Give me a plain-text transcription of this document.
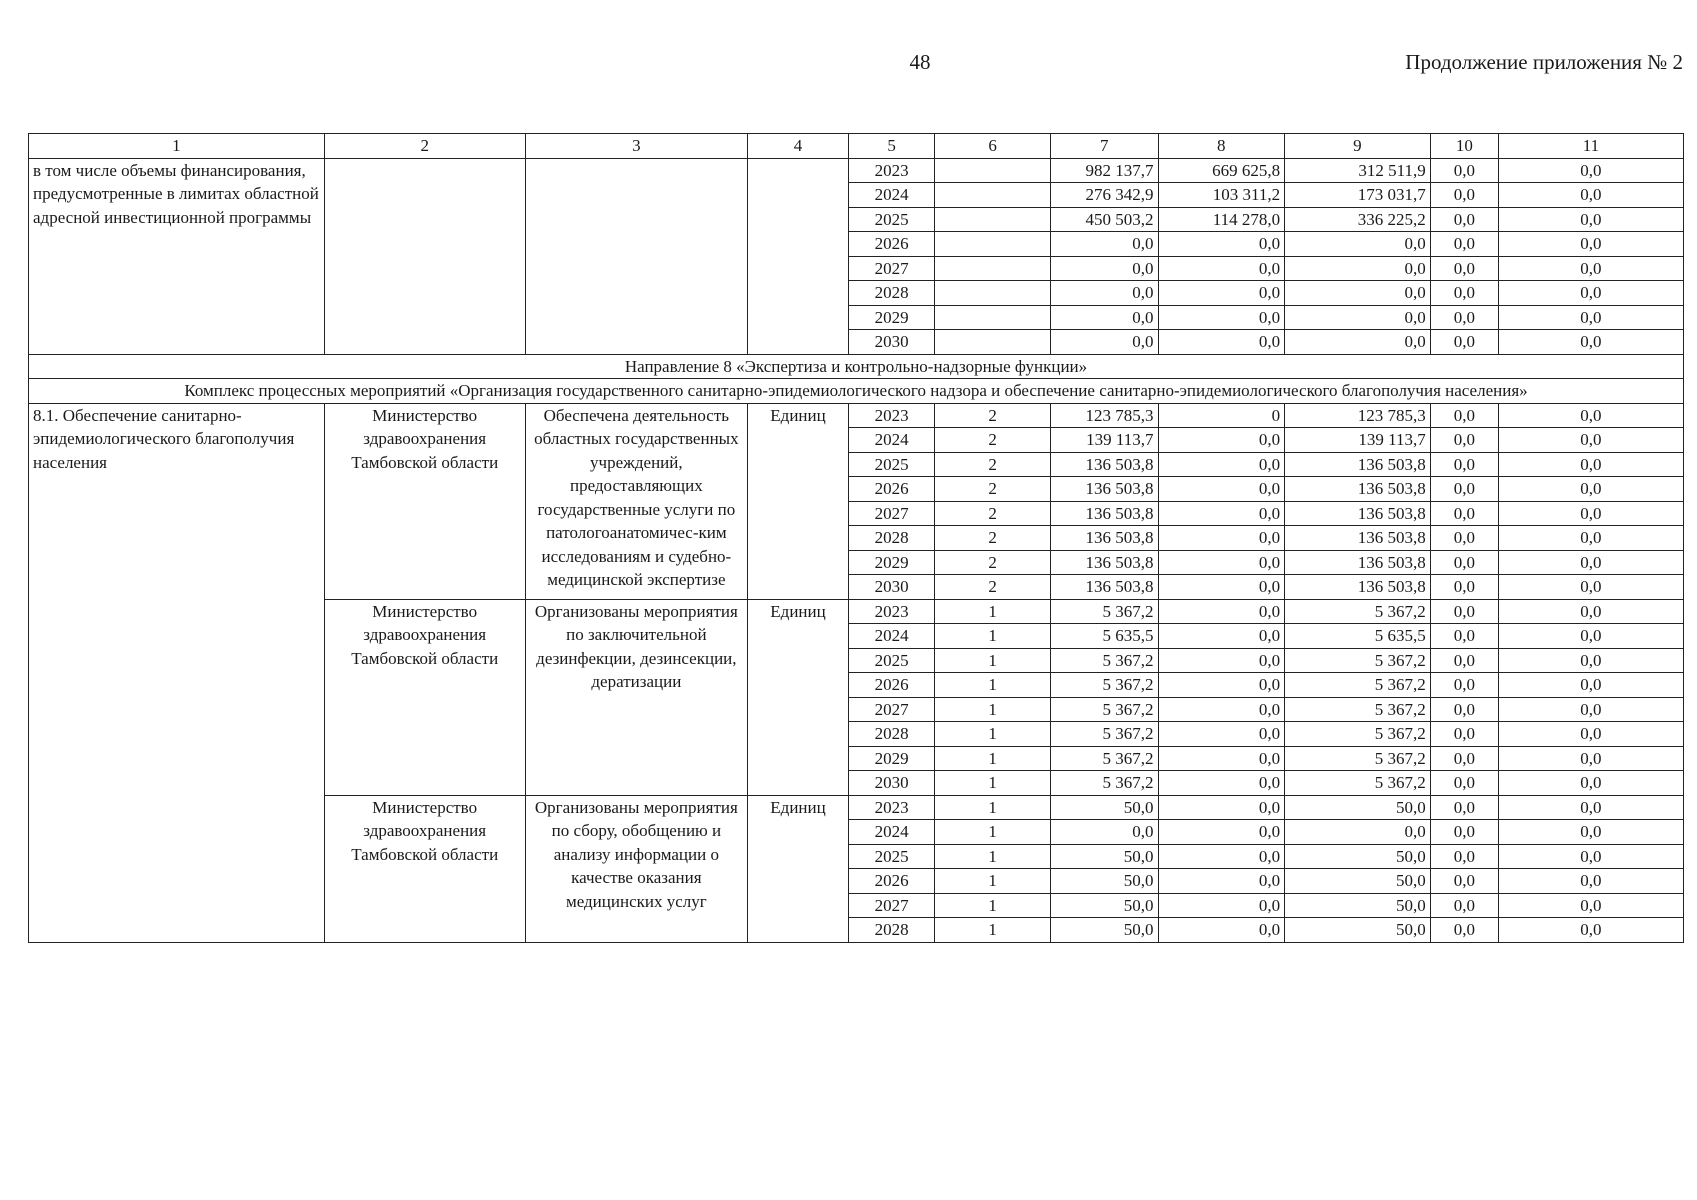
48	Продолжение приложения № 2
1	2	3	4	5	6	7	8	9	10	11
в том числе объемы финансирования, предусмотренные в лимитах областной адресной инвестиционной программы				2023		982 137,7	669 625,8	312 511,9	0,0	0,0
				2024		276 342,9	103 311,2	173 031,7	0,0	0,0
				2025		450 503,2	114 278,0	336 225,2	0,0	0,0
				2026		0,0	0,0	0,0	0,0	0,0
				2027		0,0	0,0	0,0	0,0	0,0
				2028		0,0	0,0	0,0	0,0	0,0
				2029		0,0	0,0	0,0	0,0	0,0
				2030		0,0	0,0	0,0	0,0	0,0
Направление 8 «Экспертиза и контрольно-надзорные функции»										
Комплекс процессных мероприятий «Организация государственного санитарно-эпидемиологического надзора и обеспечение санитарно-эпидемиологического благополучия населения»										
8.1. Обеспечение санитарно-эпидемиологического благополучия населения	Министерство здравоохранения Тамбовской области	Обеспечена деятельность областных государственных учреждений, предоставляющих государственные услуги по патологоанатомичес-ким исследованиям и судебно-медицинской экспертизе	Единиц	2023	2	123 785,3	0	123 785,3	0,0	0,0
				2024	2	139 113,7	0,0	139 113,7	0,0	0,0
				2025	2	136 503,8	0,0	136 503,8	0,0	0,0
				2026	2	136 503,8	0,0	136 503,8	0,0	0,0
				2027	2	136 503,8	0,0	136 503,8	0,0	0,0
				2028	2	136 503,8	0,0	136 503,8	0,0	0,0
				2029	2	136 503,8	0,0	136 503,8	0,0	0,0
				2030	2	136 503,8	0,0	136 503,8	0,0	0,0
	Министерство здравоохранения Тамбовской области	Организованы мероприятия по заключительной дезинфекции, дезинсекции, дератизации	Единиц	2023	1	5 367,2	0,0	5 367,2	0,0	0,0
				2024	1	5 635,5	0,0	5 635,5	0,0	0,0
				2025	1	5 367,2	0,0	5 367,2	0,0	0,0
				2026	1	5 367,2	0,0	5 367,2	0,0	0,0
				2027	1	5 367,2	0,0	5 367,2	0,0	0,0
				2028	1	5 367,2	0,0	5 367,2	0,0	0,0
				2029	1	5 367,2	0,0	5 367,2	0,0	0,0
				2030	1	5 367,2	0,0	5 367,2	0,0	0,0
	Министерство здравоохранения Тамбовской области	Организованы мероприятия по сбору, обобщению и анализу информации о качестве оказания медицинских услуг	Единиц	2023	1	50,0	0,0	50,0	0,0	0,0
				2024	1	0,0	0,0	0,0	0,0	0,0
				2025	1	50,0	0,0	50,0	0,0	0,0
				2026	1	50,0	0,0	50,0	0,0	0,0
				2027	1	50,0	0,0	50,0	0,0	0,0
				2028	1	50,0	0,0	50,0	0,0	0,0
